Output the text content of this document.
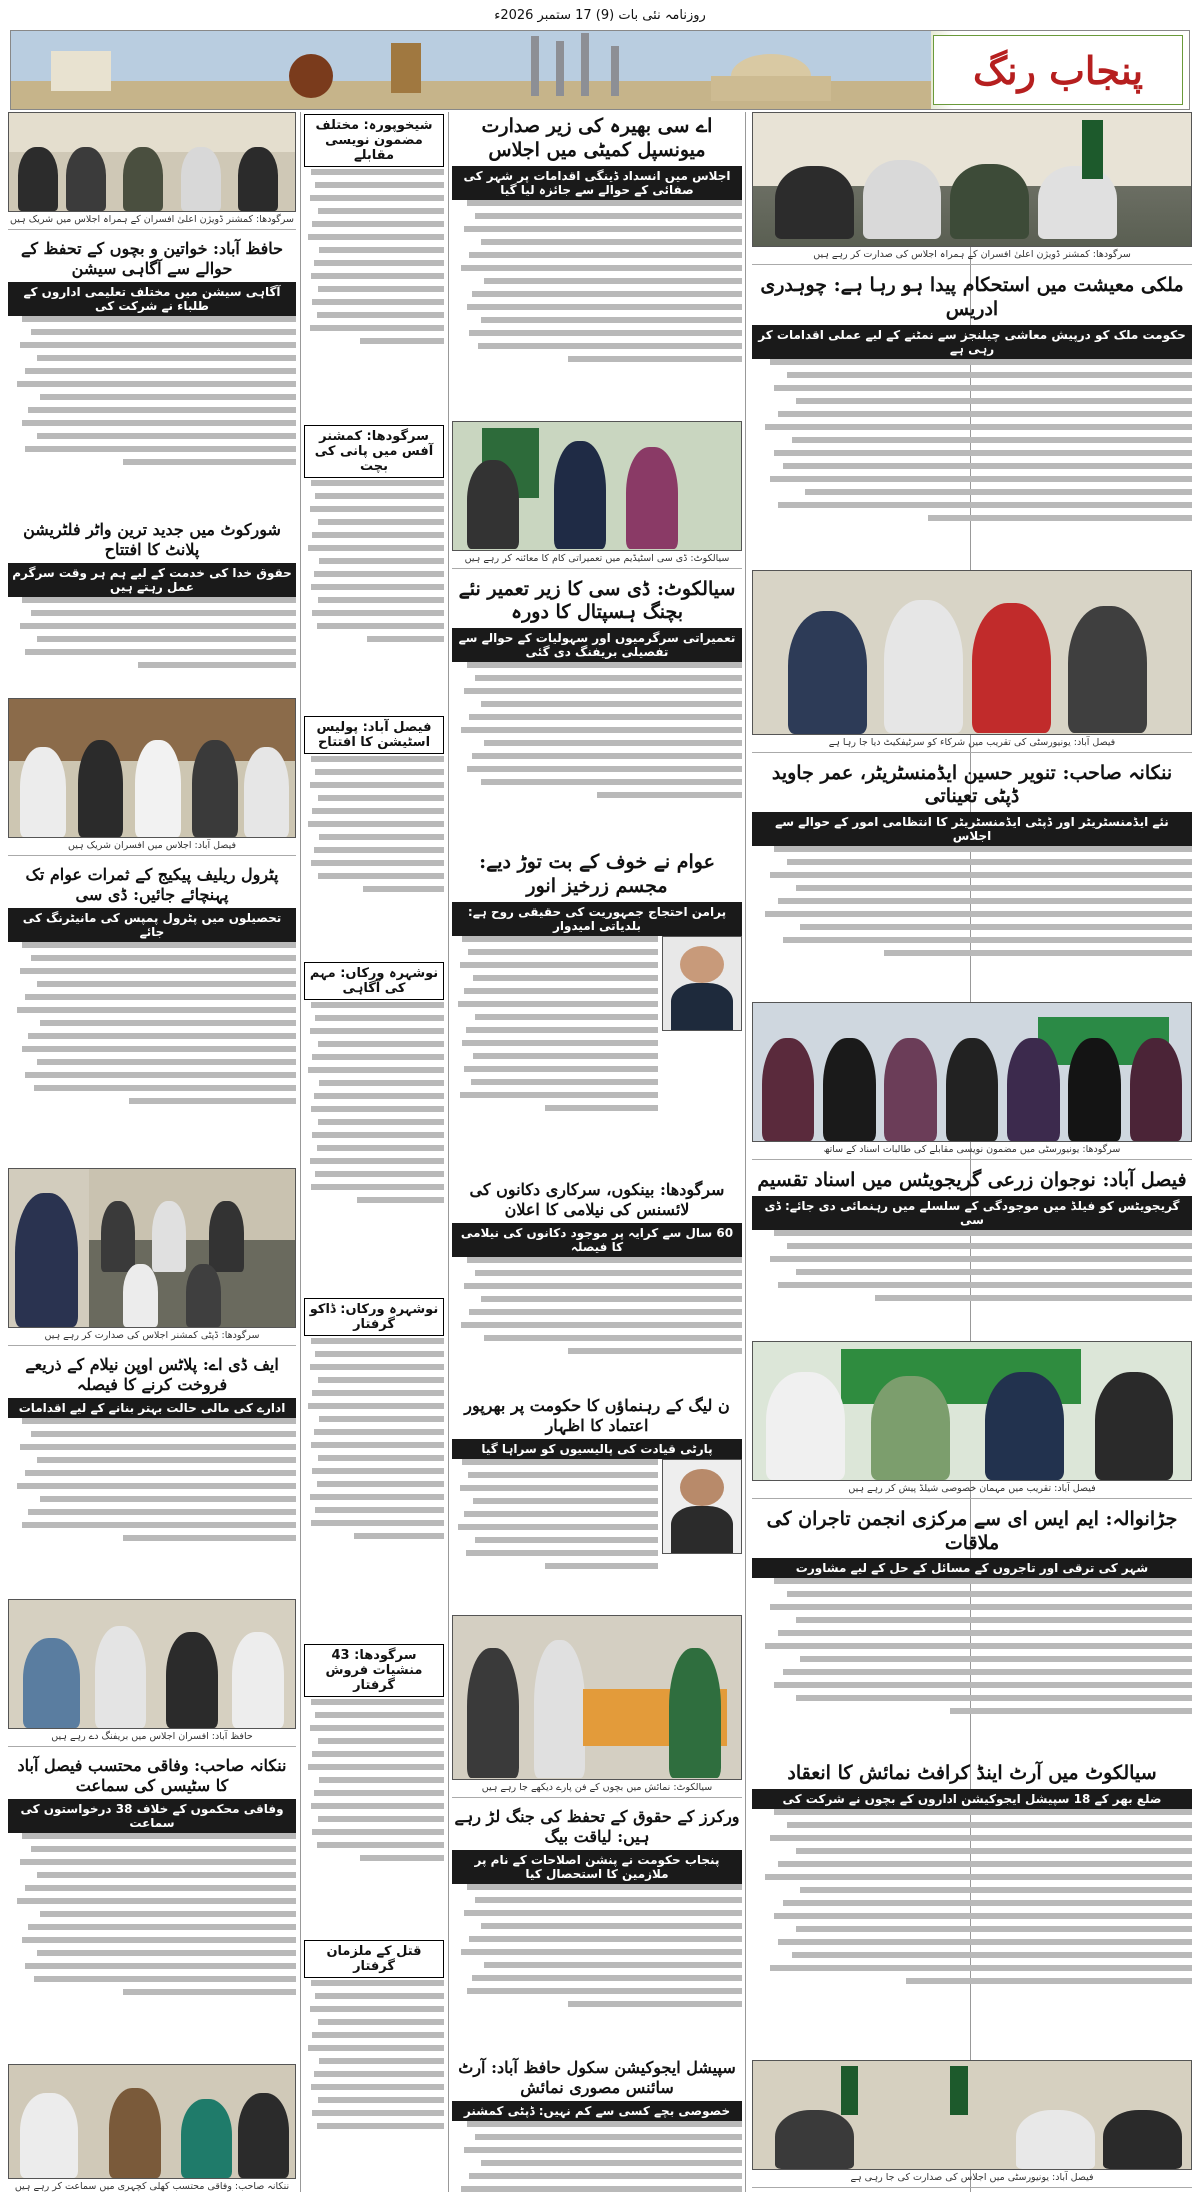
روزنامہ نئی بات (9) 17 ستمبر 2026ء
پنجاب رنگ
سرگودھا: کمشنر ڈویژن اعلیٰ افسران کے ہمراہ اجلاس کی صدارت کر رہے ہیں
ملکی معیشت میں استحکام پیدا ہو رہا ہے: چوہدری ادریس
حکومت ملک کو درپیش معاشی چیلنجز سے نمٹنے کے لیے عملی اقدامات کر رہی ہے
فیصل آباد: یونیورسٹی کی تقریب میں شرکاء کو سرٹیفکیٹ دیا جا رہا ہے
ننکانہ صاحب: تنویر حسین ایڈمنسٹریٹر، عمر جاوید ڈپٹی تعیناتی
نئے ایڈمنسٹریٹر اور ڈپٹی ایڈمنسٹریٹر کا انتظامی امور کے حوالے سے اجلاس
سرگودھا: یونیورسٹی میں مضمون نویسی مقابلے کی طالبات اسناد کے ساتھ
فیصل آباد: نوجوان زرعی گریجویٹس میں اسناد تقسیم
گریجویٹس کو فیلڈ میں موجودگی کے سلسلے میں رہنمائی دی جائے: ڈی سی
فیصل آباد: تقریب میں مہمان خصوصی شیلڈ پیش کر رہے ہیں
جڑانوالہ: ایم ایس ای سے مرکزی انجمن تاجران کی ملاقات
شہر کی ترقی اور تاجروں کے مسائل کے حل کے لیے مشاورت
سیالکوٹ میں آرٹ اینڈ کرافٹ نمائش کا انعقاد
ضلع بھر کے 18 سپیشل ایجوکیشن اداروں کے بچوں نے شرکت کی
فیصل آباد: یونیورسٹی میں اجلاس کی صدارت کی جا رہی ہے
اے سی بھیرہ کی زیر صدارت میونسپل کمیٹی میں اجلاس
اجلاس میں انسداد ڈینگی اقدامات پر شہر کی صفائی کے حوالے سے جائزہ لیا گیا
سیالکوٹ: ڈی سی اسٹیڈیم میں تعمیراتی کام کا معائنہ کر رہے ہیں
سیالکوٹ: ڈی سی کا زیر تعمیر نئے بچنگ ہسپتال کا دورہ
تعمیراتی سرگرمیوں اور سہولیات کے حوالے سے تفصیلی بریفنگ دی گئی
عوام نے خوف کے بت توڑ دیے: مجسم زرخیز انور
پرامن احتجاج جمہوریت کی حقیقی روح ہے: بلدیاتی امیدوار
سرگودھا: بینکوں، سرکاری دکانوں کی لائسنس کی نیلامی کا اعلان
60 سال سے کرایہ پر موجود دکانوں کی نیلامی کا فیصلہ
ن لیگ کے رہنماؤں کا حکومت پر بھرپور اعتماد کا اظہار
پارٹی قیادت کی پالیسیوں کو سراہا گیا
سیالکوٹ: نمائش میں بچوں کے فن پارے دیکھے جا رہے ہیں
ورکرز کے حقوق کے تحفظ کی جنگ لڑ رہے ہیں: لیاقت بیگ
پنجاب حکومت نے پنشن اصلاحات کے نام پر ملازمین کا استحصال کیا
سپیشل ایجوکیشن سکول حافظ آباد: آرٹ سائنس مصوری نمائش
خصوصی بچے کسی سے کم نہیں: ڈپٹی کمشنر
شیخوپورہ: مختلف مضمون نویسی مقابلے
سرگودھا: کمشنر آفس میں پانی کی بچت
فیصل آباد: پولیس اسٹیشن کا افتتاح
نوشہرہ ورکاں: مہم کی آگاہی
نوشہرہ ورکاں: ڈاکو گرفتار
سرگودھا: 43 منشیات فروش گرفتار
قتل کے ملزمان گرفتار
سرگودھا: کمشنر ڈویژن اعلیٰ افسران کے ہمراہ اجلاس میں شریک ہیں
حافظ آباد: خواتین و بچوں کے تحفظ کے حوالے سے آگاہی سیشن
آگاہی سیشن میں مختلف تعلیمی اداروں کے طلباء نے شرکت کی
شورکوٹ میں جدید ترین واٹر فلٹریشن پلانٹ کا افتتاح
حقوق خدا کی خدمت کے لیے ہم ہر وقت سرگرم عمل رہتے ہیں
فیصل آباد: اجلاس میں افسران شریک ہیں
پٹرول ریلیف پیکیج کے ثمرات عوام تک پہنچائے جائیں: ڈی سی
تحصیلوں میں پٹرول پمپس کی مانیٹرنگ کی جائے
سرگودھا: ڈپٹی کمشنر اجلاس کی صدارت کر رہے ہیں
ایف ڈی اے: پلاٹس اوپن نیلام کے ذریعے فروخت کرنے کا فیصلہ
ادارے کی مالی حالت بہتر بنانے کے لیے اقدامات
حافظ آباد: افسران اجلاس میں بریفنگ دے رہے ہیں
ننکانہ صاحب: وفاقی محتسب فیصل آباد کا سٹیسں کی سماعت
وفاقی محکموں کے خلاف 38 درخواستوں کی سماعت
ننکانہ صاحب: وفاقی محتسب کھلی کچہری میں سماعت کر رہے ہیں
